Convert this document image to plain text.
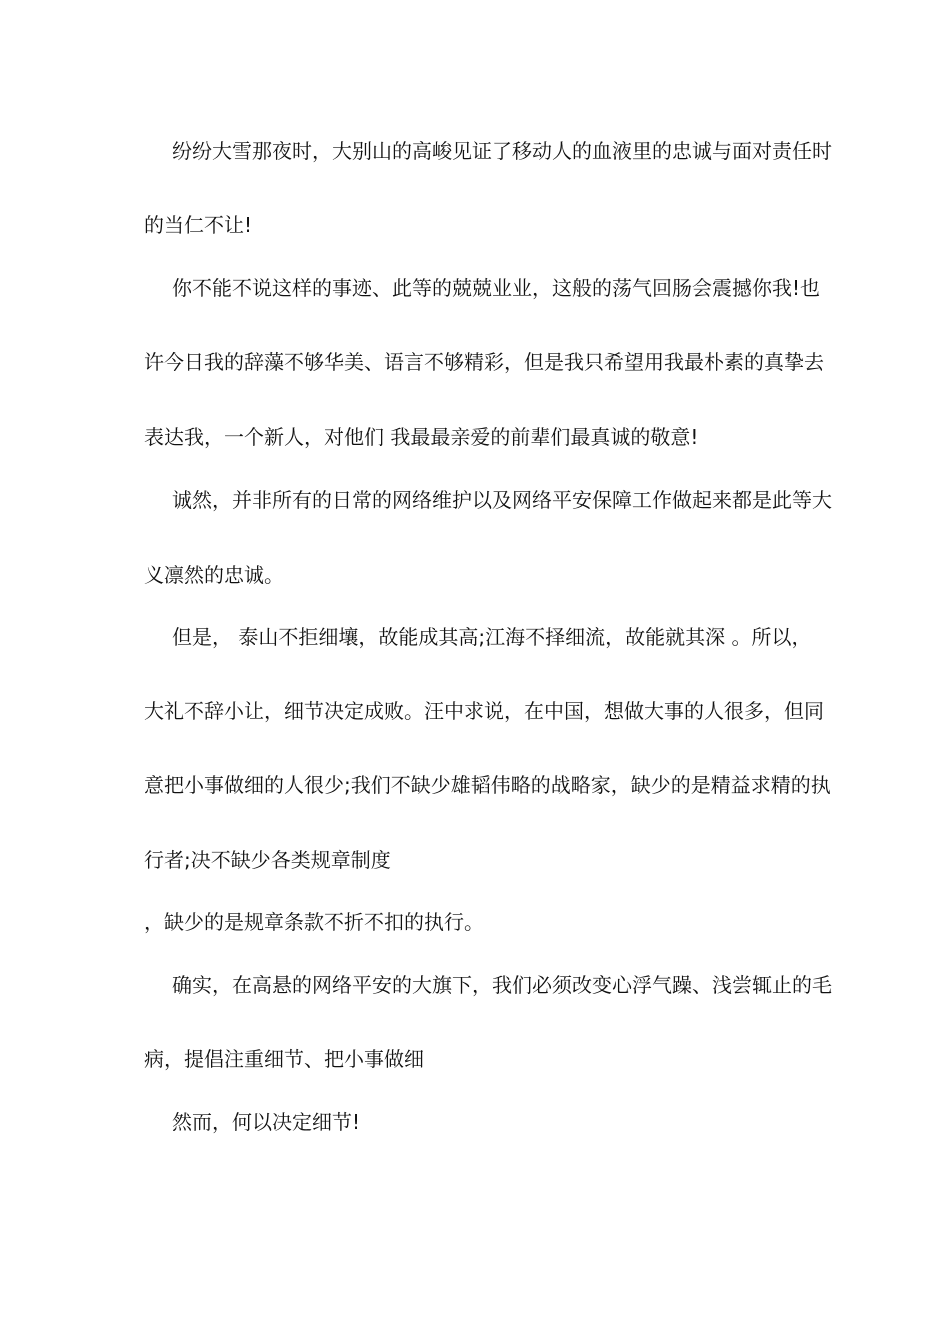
纷纷大雪那夜时，大别山的高峻见证了移动人的血液里的忠诚与面对责任时
的当仁不让!
你不能不说这样的事迹、此等的兢兢业业，这般的荡气回肠会震撼你我!也
许今日我的辞藻不够华美、语言不够精彩，但是我只希望用我最朴素的真挚去
表达我，一个新人，对他们 我最最亲爱的前辈们最真诚的敬意!
诚然，并非所有的日常的网络维护以及网络平安保障工作做起来都是此等大
义凛然的忠诚。
但是， 泰山不拒细壤，故能成其高;江海不择细流，故能就其深 。所以，
大礼不辞小让，细节决定成败。汪中求说，在中国，想做大事的人很多，但同
意把小事做细的人很少;我们不缺少雄韬伟略的战略家，缺少的是精益求精的执
行者;决不缺少各类规章制度
，缺少的是规章条款不折不扣的执行。
确实，在高悬的网络平安的大旗下，我们必须改变心浮气躁、浅尝辄止的毛
病，提倡注重细节、把小事做细
然而，何以决定细节!
